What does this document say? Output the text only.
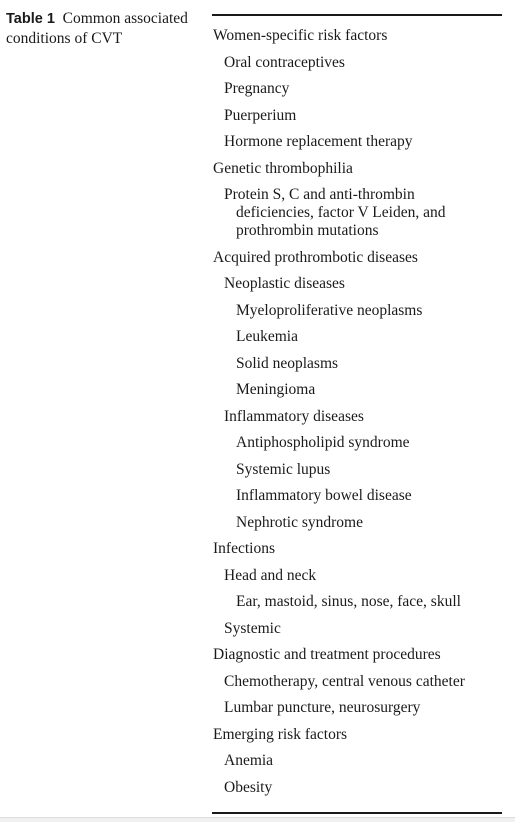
Table 1 Common associated conditions of CVT	Women-specific risk factors
Oral contraceptives
Pregnancy
Puerperium
Hormone replacement therapy
Genetic thrombophilia
Protein S, C and anti-thrombin deficiencies, factor V Leiden, and prothrombin mutations
Acquired prothrombotic diseases
Neoplastic diseases
Myeloproliferative neoplasms
Leukemia
Solid neoplasms
Meningioma
Inflammatory diseases
Antiphospholipid syndrome
Systemic lupus
Inflammatory bowel disease
Nephrotic syndrome
Infections
Head and neck
Ear, mastoid, sinus, nose, face, skull
Systemic
Diagnostic and treatment procedures
Chemotherapy, central venous catheter
Lumbar puncture, neurosurgery
Emerging risk factors
Anemia
Obesity
